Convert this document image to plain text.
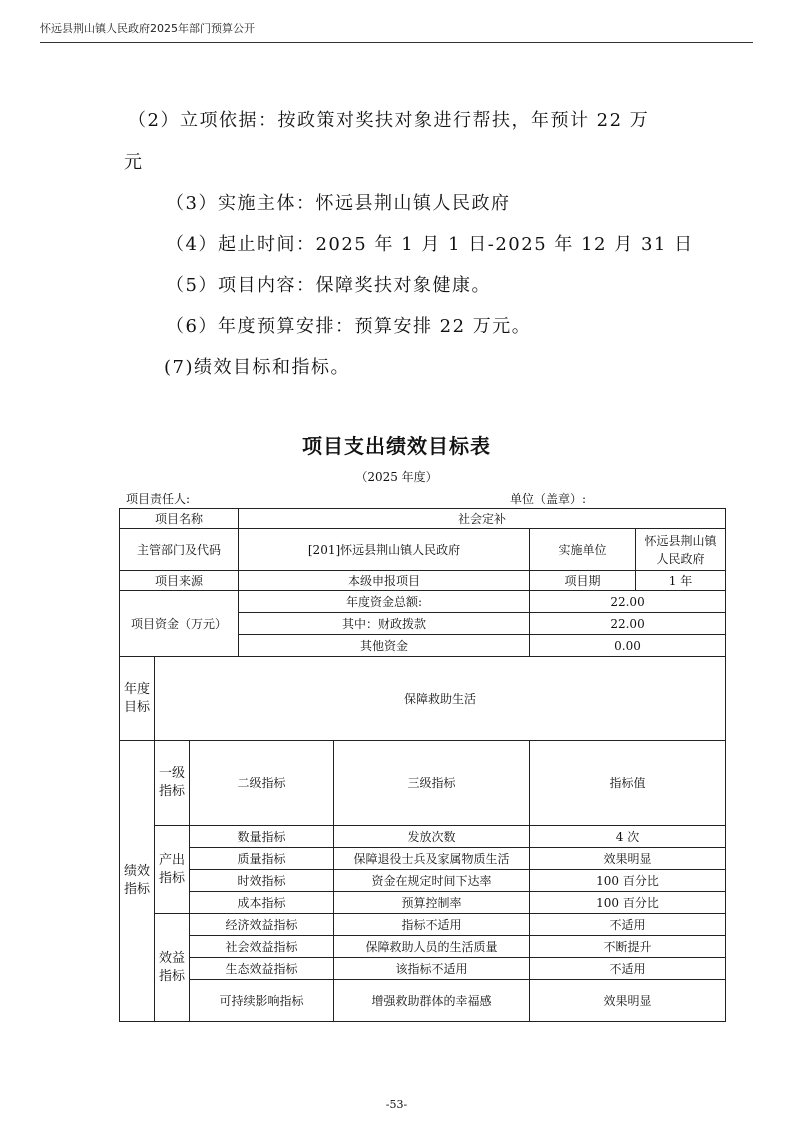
怀远县荆山镇人民政府2025年部门预算公开
（2）立项依据：按政策对奖扶对象进行帮扶，年预计 22 万
元
（3）实施主体：怀远县荆山镇人民政府
（4）起止时间：2025 年 1 月 1 日-2025 年 12 月 31 日
（5）项目内容：保障奖扶对象健康。
（6）年度预算安排：预算安排 22 万元。
(7)绩效目标和指标。
项目支出绩效目标表
（2025 年度）
项目责任人:	单位（盖章）:
项目名称			社会定补			
主管部门及代码			[201]怀远县荆山镇人民政府		实施单位	怀远县荆山镇人民政府
项目来源			本级申报项目		项目期	1 年
项目资金（万元）			年度资金总额:		22.00	
			其中：财政拨款		22.00	
			其他资金		0.00	
年度目标	保障救助生活					
绩效指标	一级指标	二级指标		三级指标	指标值	
	产出指标	数量指标		发放次数	4 次	
		质量指标		保障退役士兵及家属物质生活	效果明显	
		时效指标		资金在规定时间下达率	100 百分比	
		成本指标		预算控制率	100 百分比	
	效益指标	经济效益指标		指标不适用	不适用	
		社会效益指标		保障救助人员的生活质量	不断提升	
		生态效益指标		该指标不适用	不适用	
		可持续影响指标		增强救助群体的幸福感	效果明显	
-53-
